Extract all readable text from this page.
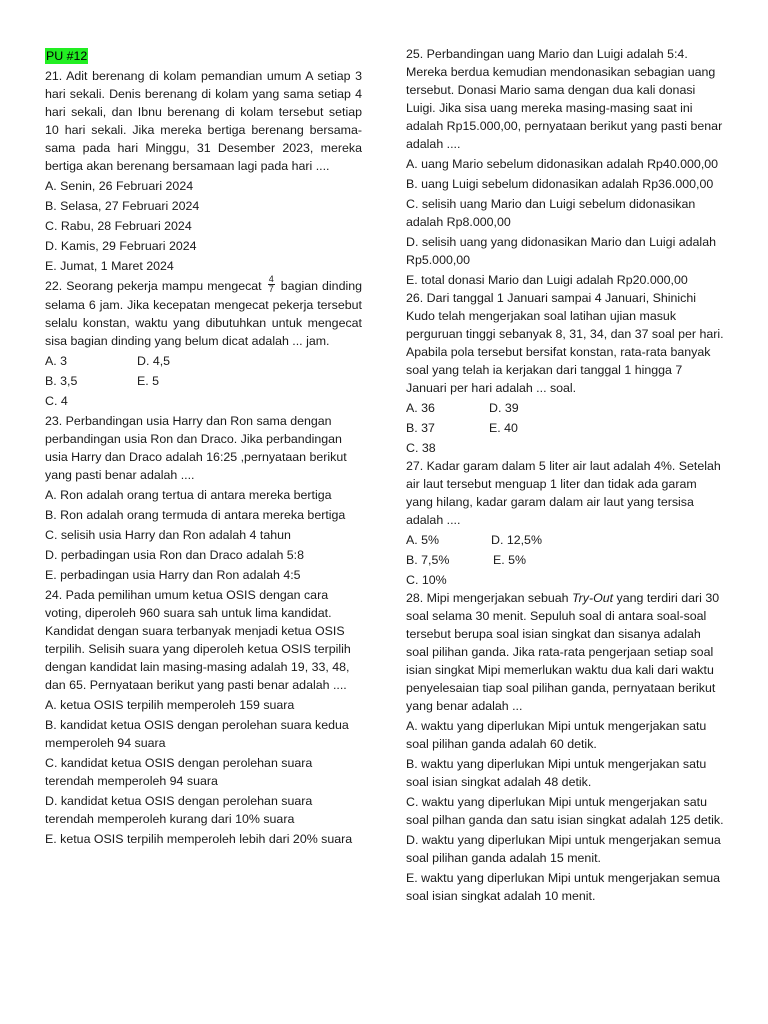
PU #12

21. Adit berenang di kolam pemandian umum A setiap 3 hari sekali. Denis berenang di kolam yang sama setiap 4 hari sekali, dan Ibnu berenang di kolam tersebut setiap 10 hari sekali. Jika mereka bertiga berenang bersama-sama pada hari Minggu, 31 Desember 2023, mereka bertiga akan berenang bersamaan lagi pada hari ....

A. Senin, 26 Februari 2024

B. Selasa, 27 Februari 2024

C. Rabu, 28 Februari 2024

D. Kamis, 29 Februari 2024

E. Jumat, 1 Maret 2024

22. Seorang pekerja mampu mengecat $\frac{4}{7}$ bagian dinding selama 6 jam. Jika kecepatan mengecat pekerja tersebut selalu konstan, waktu yang dibutuhkan untuk mengecat sisa bagian dinding yang belum dicat adalah ... jam.

A. 3	D. 4,5
B. 3,5	E. 5

C. 4

23. Perbandingan usia Harry dan Ron sama dengan perbandingan usia Ron dan Draco. Jika perbandingan usia Harry dan Draco adalah 16:25 ,pernyataan berikut yang pasti benar adalah ....

A. Ron adalah orang tertua di antara mereka bertiga

B. Ron adalah orang termuda di antara mereka bertiga

C. selisih usia Harry dan Ron adalah 4 tahun

D. perbadingan usia Ron dan Draco adalah 5:8

E. perbadingan usia Harry dan Ron adalah 4:5

24. Pada pemilihan umum ketua OSIS dengan cara voting, diperoleh 960 suara sah untuk lima kandidat. Kandidat dengan suara terbanyak menjadi ketua OSIS terpilih. Selisih suara yang diperoleh ketua OSIS terpilih dengan kandidat lain masing-masing adalah 19, 33, 48, dan 65. Pernyataan berikut yang pasti benar adalah ....

A. ketua OSIS terpilih memperoleh 159 suara

B. kandidat ketua OSIS dengan perolehan suara kedua memperoleh 94 suara

C. kandidat ketua OSIS dengan perolehan suara terendah memperoleh 94 suara

D. kandidat ketua OSIS dengan perolehan suara terendah memperoleh kurang dari 10% suara

E. ketua OSIS terpilih memperoleh lebih dari 20% suara

25. Perbandingan uang Mario dan Luigi adalah 5:4. Mereka berdua kemudian mendonasikan sebagian uang tersebut. Donasi Mario sama dengan dua kali donasi Luigi. Jika sisa uang mereka masing-masing saat ini adalah Rp15.000,00, pernyataan berikut yang pasti benar adalah ....

A. uang Mario sebelum didonasikan adalah Rp40.000,00

B. uang Luigi sebelum didonasikan adalah Rp36.000,00

C. selisih uang Mario dan Luigi sebelum didonasikan adalah Rp8.000,00

D. selisih uang yang didonasikan Mario dan Luigi adalah Rp5.000,00

E. total donasi Mario dan Luigi adalah Rp20.000,00

26. Dari tanggal 1 Januari sampai 4 Januari, Shinichi Kudo telah mengerjakan soal latihan ujian masuk perguruan tinggi sebanyak 8, 31, 34, dan 37 soal per hari. Apabila pola tersebut bersifat konstan, rata-rata banyak soal yang telah ia kerjakan dari tanggal 1 hingga 7 Januari per hari adalah ... soal.

A. 36	D. 39
B. 37	E. 40

C. 38

27. Kadar garam dalam 5 liter air laut adalah 4%. Setelah air laut tersebut menguap 1 liter dan tidak ada garam yang hilang, kadar garam dalam air laut yang tersisa adalah ....

A. 5%	D. 12,5%
B. 7,5%	E. 5%

C. 10%

28. Mipi mengerjakan sebuah Try-Out yang terdiri dari 30 soal selama 30 menit. Sepuluh soal di antara soal-soal tersebut berupa soal isian singkat dan sisanya adalah soal pilihan ganda. Jika rata-rata pengerjaan setiap soal isian singkat Mipi memerlukan waktu dua kali dari waktu penyelesaian tiap soal pilihan ganda, pernyataan berikut yang benar adalah ...

A. waktu yang diperlukan Mipi untuk mengerjakan satu soal pilihan ganda adalah 60 detik.

B. waktu yang diperlukan Mipi untuk mengerjakan satu soal isian singkat adalah 48 detik.

C. waktu yang diperlukan Mipi untuk mengerjakan satu soal pilhan ganda dan satu isian singkat adalah 125 detik.

D. waktu yang diperlukan Mipi untuk mengerjakan semua soal pilihan ganda adalah 15 menit.

E. waktu yang diperlukan Mipi untuk mengerjakan semua soal isian singkat adalah 10 menit.
